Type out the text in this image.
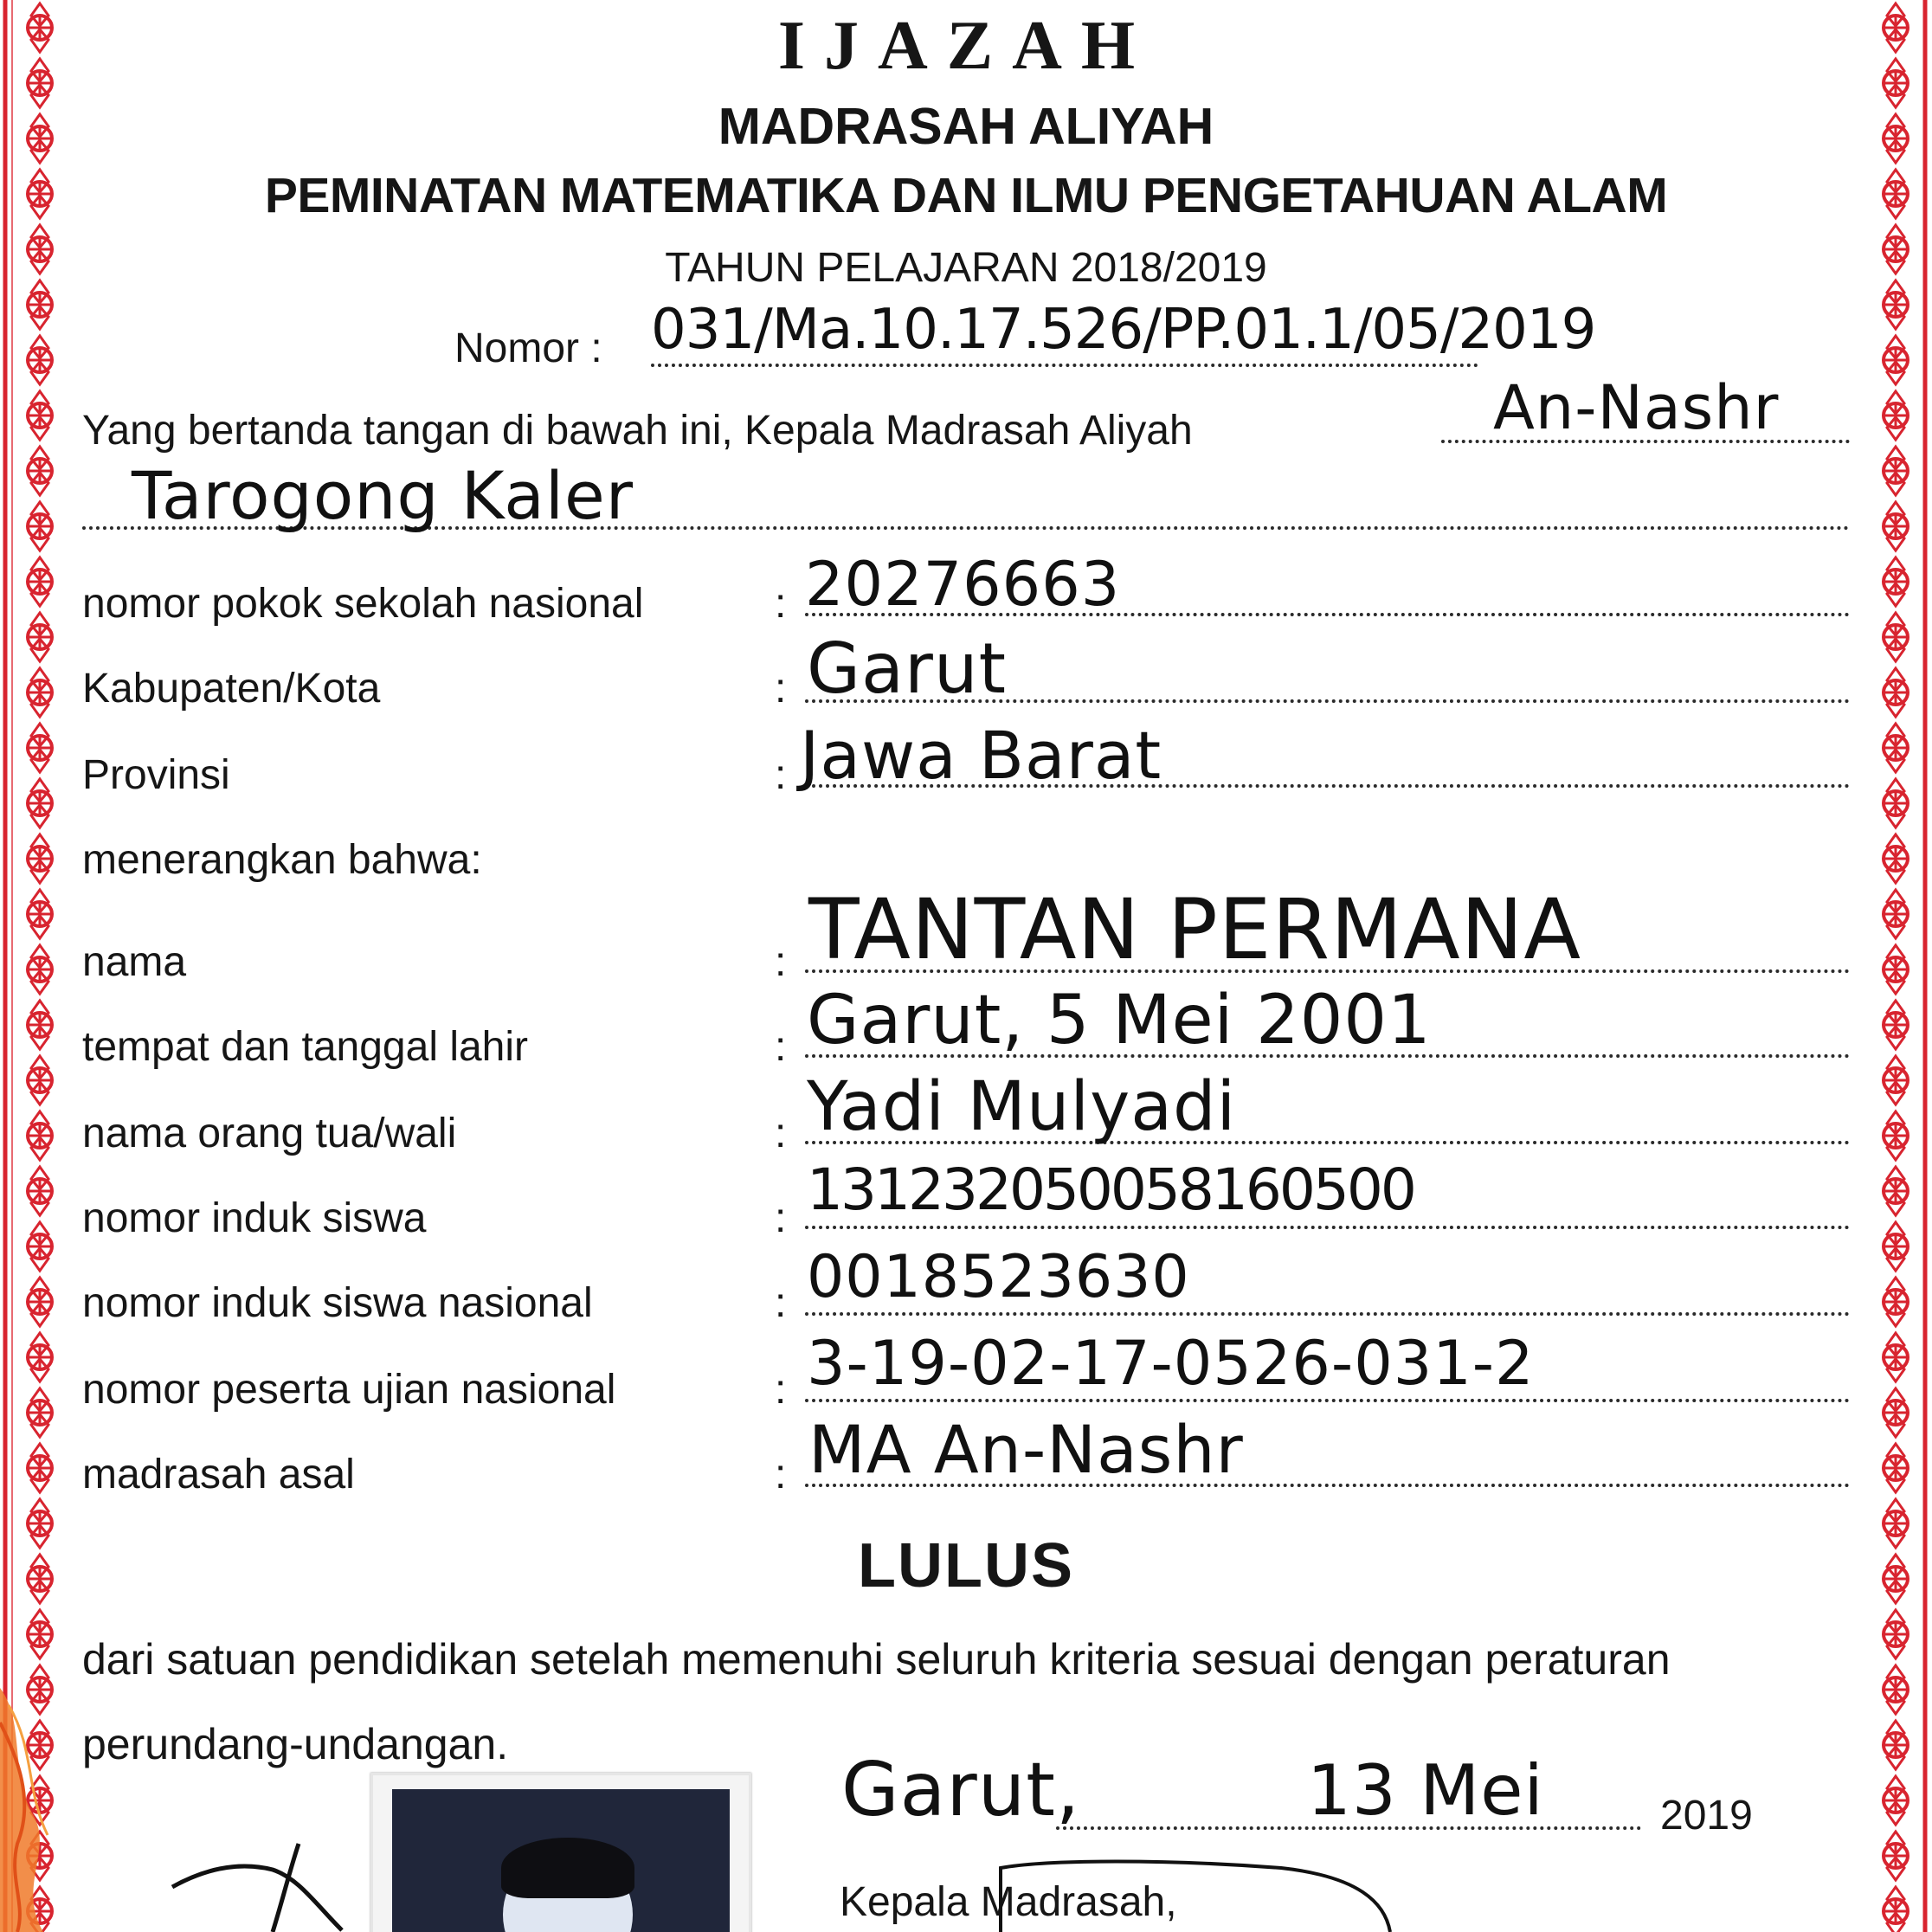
IJAZAH
MADRASAH ALIYAH
PEMINATAN MATEMATIKA DAN ILMU PENGETAHUAN ALAM
TAHUN PELAJARAN 2018/2019
Nomor : 031/Ma.10.17.526/PP.01.1/05/2019
Yang bertanda tangan di bawah ini, Kepala Madrasah Aliyah	An-Nashr
Tarogong Kaler
nomor pokok sekolah nasional	: 20276663
Kabupaten/Kota	: Garut
Provinsi	: Jawa Barat
menerangkan bahwa:
nama	: TANTAN PERMANA
tempat dan tanggal lahir	: Garut, 5 Mei 2001
nama orang tua/wali	: Yadi Mulyadi
nomor induk siswa	: 131232050058160500
nomor induk siswa nasional	: 0018523630
nomor peserta ujian nasional	: 3-19-02-17-0526-031-2
madrasah asal	: MA An-Nashr
LULUS
dari satuan pendidikan setelah memenuhi seluruh kriteria sesuai dengan peraturan
perundang-undangan.
Garut,	13 Mei	2019
Kepala Madrasah,
